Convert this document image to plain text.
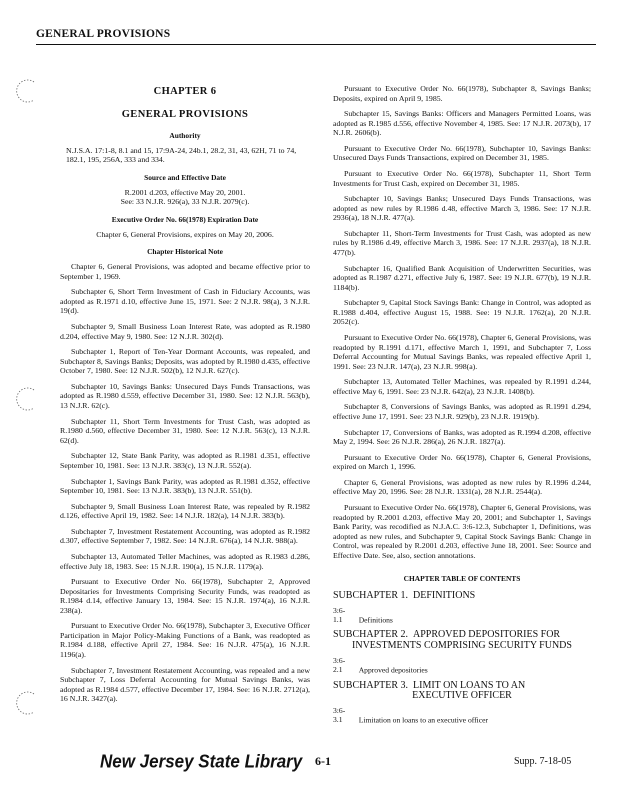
GENERAL PROVISIONS
CHAPTER 6
GENERAL PROVISIONS
Authority

N.J.S.A. 17:1-8, 8.1 and 15, 17:9A-24, 24b.1, 28.2, 31, 43, 62H, 71 to 74, 182.1, 195, 256A, 333 and 334.

Source and Effective Date
R.2001 d.203, effective May 20, 2001.
See: 33 N.J.R. 926(a), 33 N.J.R. 2079(c).
Executive Order No. 66(1978) Expiration Date
Chapter 6, General Provisions, expires on May 20, 2006.
Chapter Historical Note

Chapter 6, General Provisions, was adopted and became effective prior to September 1, 1969.

Subchapter 6, Short Term Investment of Cash in Fiduciary Accounts, was adopted as R.1971 d.10, effective June 15, 1971. See: 2 N.J.R. 98(a), 3 N.J.R. 19(d).

Subchapter 9, Small Business Loan Interest Rate, was adopted as R.1980 d.204, effective May 9, 1980. See: 12 N.J.R. 302(d).

Subchapter 1, Report of Ten-Year Dormant Accounts, was repealed, and Subchapter 8, Savings Banks; Deposits, was adopted by R.1980 d.435, effective October 7, 1980. See: 12 N.J.R. 502(b), 12 N.J.R. 627(c).

Subchapter 10, Savings Banks: Unsecured Days Funds Transactions, was adopted as R.1980 d.559, effective December 31, 1980. See: 12 N.J.R. 563(b), 13 N.J.R. 62(c).

Subchapter 11, Short Term Investments for Trust Cash, was adopted as R.1980 d.560, effective December 31, 1980. See: 12 N.J.R. 563(c), 13 N.J.R. 62(d).

Subchapter 12, State Bank Parity, was adopted as R.1981 d.351, effective September 10, 1981. See: 13 N.J.R. 383(c), 13 N.J.R. 552(a).

Subchapter 1, Savings Bank Parity, was adopted as R.1981 d.352, effective September 10, 1981. See: 13 N.J.R. 383(b), 13 N.J.R. 551(b).

Subchapter 9, Small Business Loan Interest Rate, was repealed by R.1982 d.126, effective April 19, 1982. See: 14 N.J.R. 182(a), 14 N.J.R. 383(b).

Subchapter 7, Investment Restatement Accounting, was adopted as R.1982 d.307, effective September 7, 1982. See: 14 N.J.R. 676(a), 14 N.J.R. 988(a).

Subchapter 13, Automated Teller Machines, was adopted as R.1983 d.286, effective July 18, 1983. See: 15 N.J.R. 190(a), 15 N.J.R. 1179(a).

Pursuant to Executive Order No. 66(1978), Subchapter 2, Approved Depositaries for Investments Comprising Security Funds, was readopted as R.1984 d.14, effective January 13, 1984. See: 15 N.J.R. 1974(a), 16 N.J.R. 238(a).

Pursuant to Executive Order No. 66(1978), Subchapter 3, Executive Officer Participation in Major Policy-Making Functions of a Bank, was readopted as R.1984 d.188, effective April 27, 1984. See: 16 N.J.R. 475(a), 16 N.J.R. 1196(a).

Subchapter 7, Investment Restatement Accounting, was repealed and a new Subchapter 7, Loss Deferral Accounting for Mutual Savings Banks, was adopted as R.1984 d.577, effective December 17, 1984. See: 16 N.J.R. 2712(a), 16 N.J.R. 3427(a).

Pursuant to Executive Order No. 66(1978), Subchapter 8, Savings Banks; Deposits, expired on April 9, 1985.

Subchapter 15, Savings Banks: Officers and Managers Permitted Loans, was adopted as R.1985 d.556, effective November 4, 1985. See: 17 N.J.R. 2073(b), 17 N.J.R. 2606(b).

Pursuant to Executive Order No. 66(1978), Subchapter 10, Savings Banks: Unsecured Days Funds Transactions, expired on December 31, 1985.

Pursuant to Executive Order No. 66(1978), Subchapter 11, Short Term Investments for Trust Cash, expired on December 31, 1985.

Subchapter 10, Savings Banks; Unsecured Days Funds Transactions, was adopted as new rules by R.1986 d.48, effective March 3, 1986. See: 17 N.J.R. 2936(a), 18 N.J.R. 477(a).

Subchapter 11, Short-Term Investments for Trust Cash, was adopted as new rules by R.1986 d.49, effective March 3, 1986. See: 17 N.J.R. 2937(a), 18 N.J.R. 477(b).

Subchapter 16, Qualified Bank Acquisition of Underwritten Securities, was adopted as R.1987 d.271, effective July 6, 1987. See: 19 N.J.R. 677(b), 19 N.J.R. 1184(b).

Subchapter 9, Capital Stock Savings Bank: Change in Control, was adopted as R.1988 d.404, effective August 15, 1988. See: 19 N.J.R. 1762(a), 20 N.J.R. 2052(c).

Pursuant to Executive Order No. 66(1978), Chapter 6, General Provisions, was readopted by R.1991 d.171, effective March 1, 1991, and Subchapter 7, Loss Deferral Accounting for Mutual Savings Banks, was repealed effective April 1, 1991. See: 23 N.J.R. 147(a), 23 N.J.R. 998(a).

Subchapter 13, Automated Teller Machines, was repealed by R.1991 d.244, effective May 6, 1991. See: 23 N.J.R. 642(a), 23 N.J.R. 1408(b).

Subchapter 8, Conversions of Savings Banks, was adopted as R.1991 d.294, effective June 17, 1991. See: 23 N.J.R. 929(b), 23 N.J.R. 1919(b).

Subchapter 17, Conversions of Banks, was adopted as R.1994 d.208, effective May 2, 1994. See: 26 N.J.R. 286(a), 26 N.J.R. 1827(a).

Pursuant to Executive Order No. 66(1978), Chapter 6, General Provisions, expired on March 1, 1996.

Chapter 6, General Provisions, was adopted as new rules by R.1996 d.244, effective May 20, 1996. See: 28 N.J.R. 1331(a), 28 N.J.R. 2544(a).

Pursuant to Executive Order No. 66(1978), Chapter 6, General Provisions, was readopted by R.2001 d.203, effective May 20, 2001; and Subchapter 1, Savings Bank Parity, was recodified as N.J.A.C. 3:6-12.3, Subchapter 1, Definitions, was adopted as new rules, and Subchapter 9, Capital Stock Savings Bank: Change in Control, was repealed by R.2001 d.203, effective June 18, 2001. See: Source and Effective Date. See, also, section annotations.

CHAPTER TABLE OF CONTENTS
SUBCHAPTER 1. DEFINITIONS
3:6-1.1 Definitions
SUBCHAPTER 2. APPROVED DEPOSITORIES FOR
INVESTMENTS COMPRISING SECURITY FUNDS
3:6-2.1 Approved depositories
SUBCHAPTER 3. LIMIT ON LOANS TO AN
EXECUTIVE OFFICER
3:6-3.1 Limitation on loans to an executive officer
New Jersey State Library 6-1	Supp. 7-18-05
